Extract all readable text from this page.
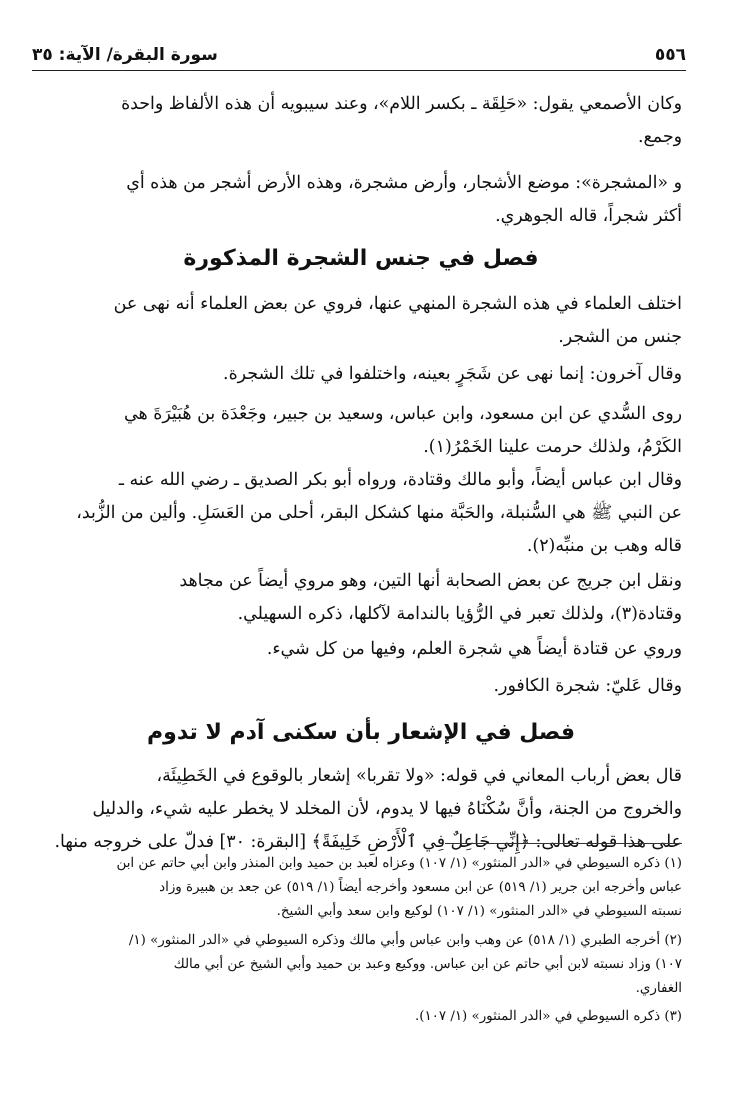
٥٥٦
سورة البقرة/ الآية: ٣٥
وكان الأصمعي يقول: «حَلِقَة ـ بكسر اللام»، وعند سيبويه أن هذه الألفاظ واحدة
وجمع.
و «المشجرة»: موضع الأشجار، وأرض مشجرة، وهذه الأرض أشجر من هذه أي
أكثر شجراً، قاله الجوهري.
فصل في جنس الشجرة المذكورة
اختلف العلماء في هذه الشجرة المنهي عنها، فروي عن بعض العلماء أنه نهى عن
جنس من الشجر.
وقال آخرون: إنما نهى عن شَجَرٍ بعينه، واختلفوا في تلك الشجرة.
روى السُّدي عن ابن مسعود، وابن عباس، وسعيد بن جبير، وجَعْدَة بن هُبَيْرَةَ هي
الكَرْمُ، ولذلك حرمت علينا الخَمْرُ(١).
وقال ابن عباس أيضاً، وأبو مالك وقتادة، ورواه أبو بكر الصديق ـ رضي الله عنه ـ
عن النبي ﷺ هي السُّنبلة، والحَبَّة منها كشكل البقر، أحلى من العَسَلِ. وألين من الزُّبد،
قاله وهب بن منبِّه(٢).
ونقل ابن جريج عن بعض الصحابة أنها التين، وهو مروي أيضاً عن مجاهد
وقتادة(٣)، ولذلك تعبر في الرُّؤيا بالندامة لآكلها، ذكره السهيلي.
وروي عن قتادة أيضاً هي شجرة العلم، وفيها من كل شيء.
وقال عَليّ: شجرة الكافور.
فصل في الإشعار بأن سكنى آدم لا تدوم
قال بعض أرباب المعاني في قوله: «ولا تقربا» إشعار بالوقوع في الخَطِيئَة،
والخروج من الجنة، وأنَّ سُكْنَاهُ فيها لا يدوم، لأن المخلد لا يخطر عليه شيء، والدليل
على هذا قوله تعالى: ﴿إِنِّي جَاعِلٌ فِي ٱلْأَرْضِ خَلِيفَةً﴾ [البقرة: ٣٠] فدلّ على خروجه منها.
(١) ذكره السيوطي في «الدر المنثور» (١/ ١٠٧) وعزاه لعبد بن حميد وابن المنذر وابن أبي حاتم عن ابن
عباس وأخرجه ابن جرير (١/ ٥١٩) عن ابن مسعود وأخرجه أيضاً (١/ ٥١٩) عن جعد بن هبيرة وزاد
نسبته السيوطي في «الدر المنثور» (١/ ١٠٧) لوكيع وابن سعد وأبي الشيخ.
(٢) أخرجه الطبري (١/ ٥١٨) عن وهب وابن عباس وأبي مالك وذكره السيوطي في «الدر المنثور» (١/
١٠٧) وزاد نسبته لابن أبي حاتم عن ابن عباس. ووكيع وعبد بن حميد وأبي الشيخ عن أبي مالك
الغفاري.
(٣) ذكره السيوطي في «الدر المنثور» (١/ ١٠٧).
